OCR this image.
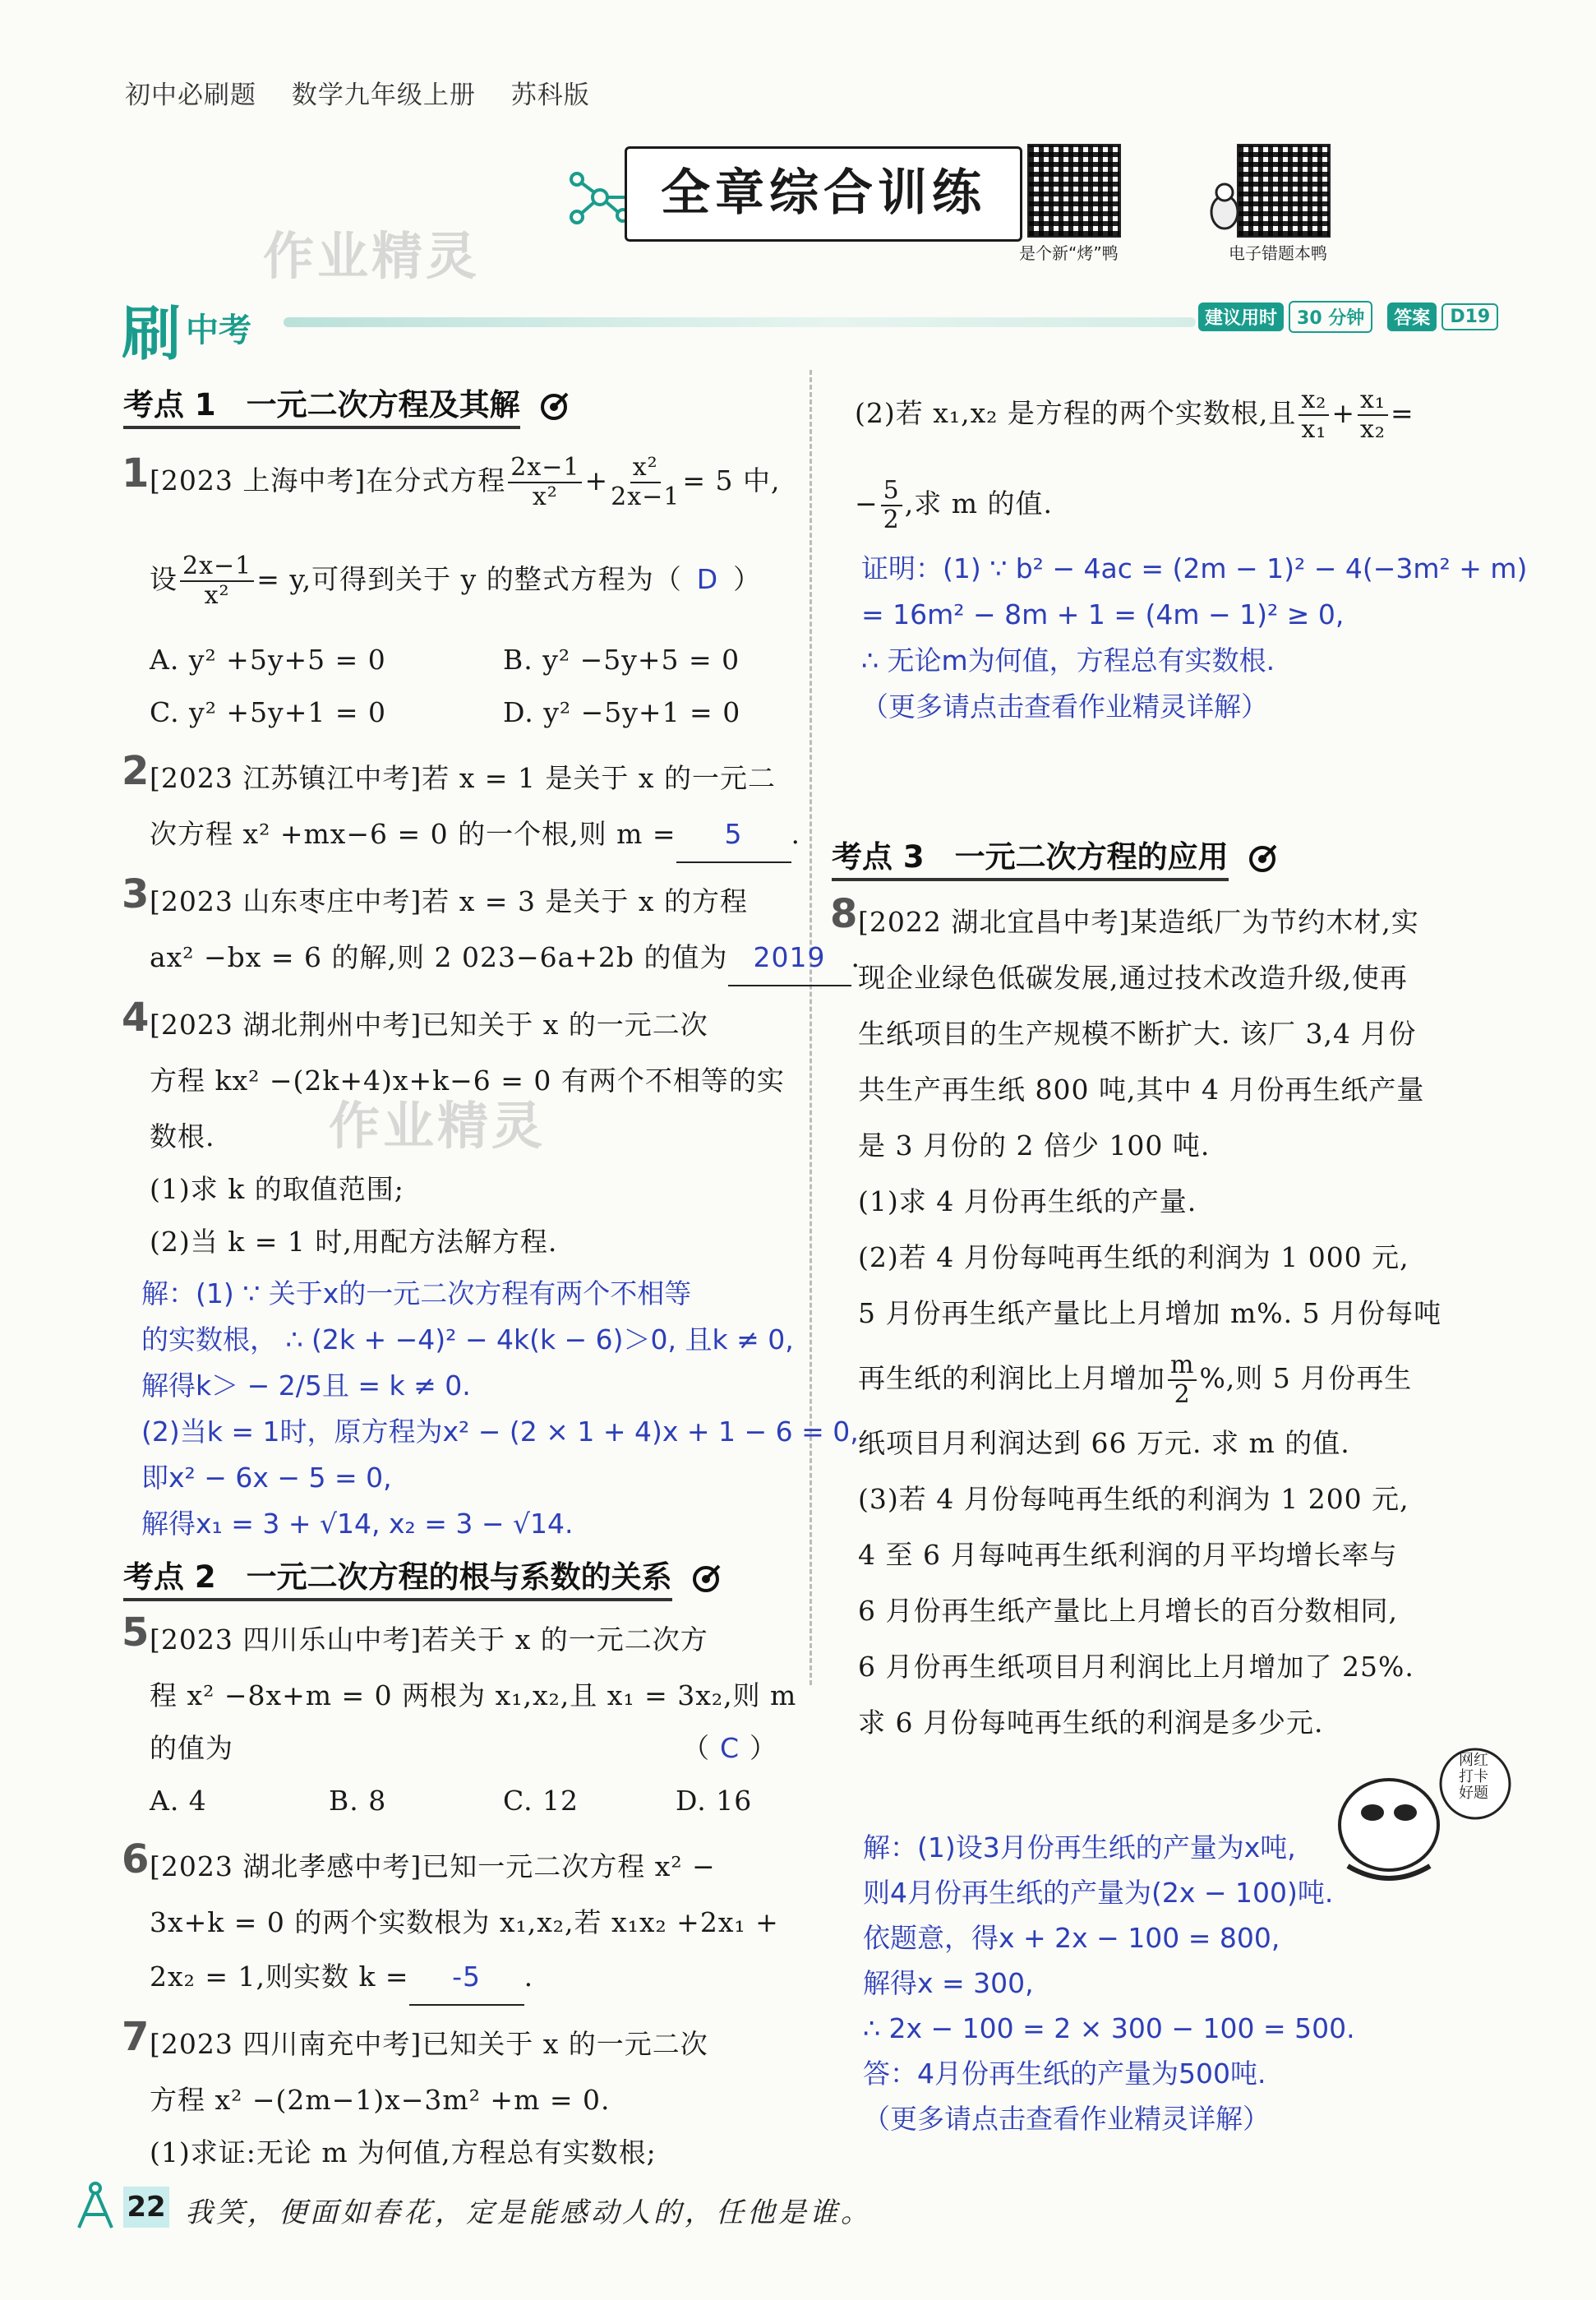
初中必刷题　 数学九年级上册　 苏科版
全章综合训练
是个新“烤”鸭	电子错题本鸭
作业精灵
作业精灵
刷 中考	建议用时	30 分钟	答案	D19
考点 1　一元二次方程及其解
1 [2023 上海中考]在分式方程 $\frac{2x-1}{\text{x²}} + \frac{\text{x²}}{2x-1} = 5$ 中,
设 $\frac{2x-1}{\text{x²}} = y$,可得到关于 y 的整式方程为（ D ）
A. y² +5y+5 = 0	B. y² −5y+5 = 0
C. y² +5y+1 = 0	D. y² −5y+1 = 0
2 [2023 江苏镇江中考]若 x = 1 是关于 x 的一元二
次方程 x² +mx−6 = 0 的一个根,则 m = 5 .
3 [2023 山东枣庄中考]若 x = 3 是关于 x 的方程
ax² −bx = 6 的解,则 2 023−6a+2b 的值为 2019 .
4 [2023 湖北荆州中考]已知关于 x 的一元二次
方程 kx² −(2k+4)x+k−6 = 0 有两个不相等的实
数根.
(1)求 k 的取值范围;
(2)当 k = 1 时,用配方法解方程.
解：(1) ∵ 关于x的一元二次方程有两个不相等
的实数根， ∴ (2k + −4)² − 4k(k − 6)＞0, 且k ≠ 0,
解得k＞ − 2/5且 = k ≠ 0.
(2)当k = 1时，原方程为x² − (2 × 1 + 4)x + 1 − 6 = 0,
即x² − 6x − 5 = 0,
解得x₁ = 3 + √14, x₂ = 3 − √14.
考点 2　一元二次方程的根与系数的关系
5 [2023 四川乐山中考]若关于 x 的一元二次方
程 x² −8x+m = 0 两根为 x₁,x₂,且 x₁ = 3x₂,则 m
的值为	（ C ）
A. 4	B. 8	C. 12	D. 16
6 [2023 湖北孝感中考]已知一元二次方程 x² −
3x+k = 0 的两个实数根为 x₁,x₂,若 x₁x₂ +2x₁ +
2x₂ = 1,则实数 k = -5 .
7 [2023 四川南充中考]已知关于 x 的一元二次
方程 x² −(2m−1)x−3m² +m = 0.
(1)求证:无论 m 为何值,方程总有实数根;
(2)若 x₁,x₂ 是方程的两个实数根,且 $\frac{\text{x₂}}{\text{x₁}} + \frac{\text{x₁}}{\text{x₂}}$ =
− $\frac{5}{2}$ ,求 m 的值.
证明：(1) ∵ b² − 4ac = (2m − 1)² − 4(−3m² + m)
= 16m² − 8m + 1 = (4m − 1)² ≥ 0,
∴ 无论m为何值，方程总有实数根.
（更多请点击查看作业精灵详解）
考点 3　一元二次方程的应用
8 [2022 湖北宜昌中考]某造纸厂为节约木材,实
现企业绿色低碳发展,通过技术改造升级,使再
生纸项目的生产规模不断扩大. 该厂 3,4 月份
共生产再生纸 800 吨,其中 4 月份再生纸产量
是 3 月份的 2 倍少 100 吨.
(1)求 4 月份再生纸的产量.
(2)若 4 月份每吨再生纸的利润为 1 000 元,
5 月份再生纸产量比上月增加 m%. 5 月份每吨
再生纸的利润比上月增加 $\frac{m}{2}$ %,则 5 月份再生
纸项目月利润达到 66 万元. 求 m 的值.
(3)若 4 月份每吨再生纸的利润为 1 200 元,
4 至 6 月每吨再生纸利润的月平均增长率与
6 月份再生纸产量比上月增长的百分数相同,
6 月份再生纸项目月利润比上月增加了 25%.
求 6 月份每吨再生纸的利润是多少元.
网红打卡好题
解：(1)设3月份再生纸的产量为x吨,
则4月份再生纸的产量为(2x − 100)吨.
依题意，得x + 2x − 100 = 800,
解得x = 300,
∴ 2x − 100 = 2 × 300 − 100 = 500.
答：4月份再生纸的产量为500吨.
（更多请点击查看作业精灵详解）
22 我笑，便面如春花，定是能感动人的，任他是谁。
